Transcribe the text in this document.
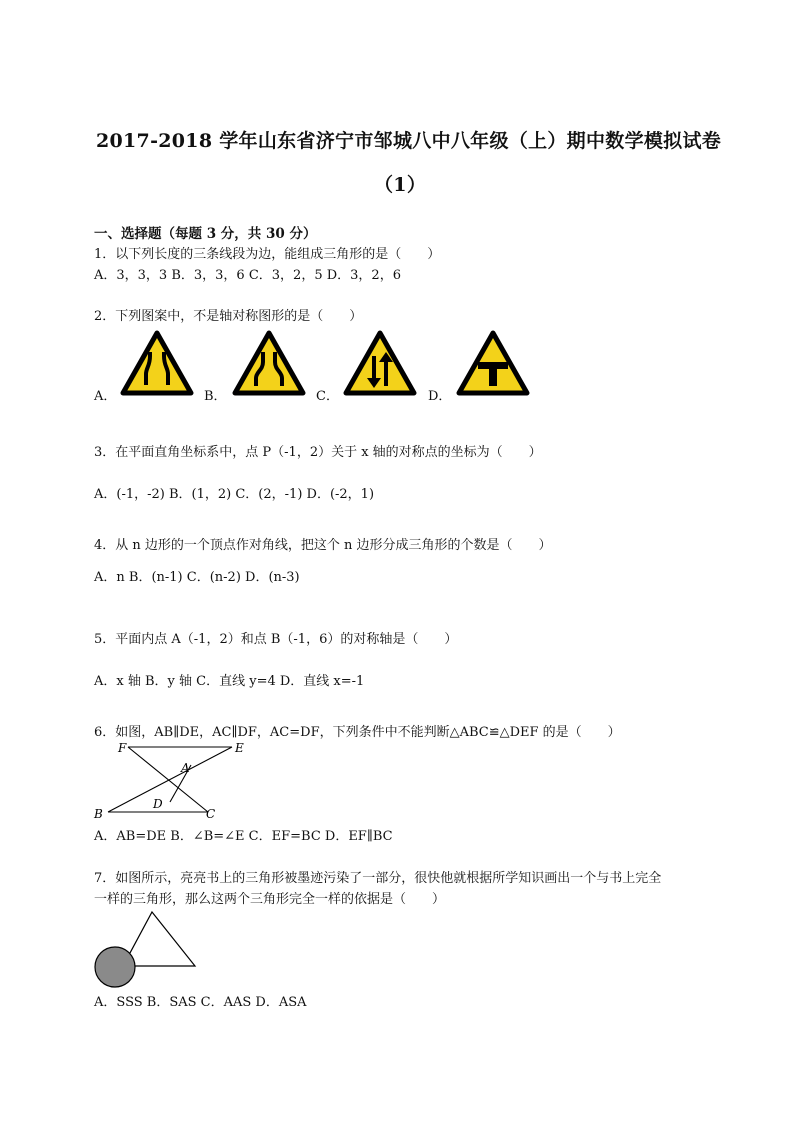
2017-2018 学年山东省济宁市邹城八中八年级（上）期中数学模拟试卷
（1）
一、选择题（每题 3 分，共 30 分）
1．以下列长度的三条线段为边，能组成三角形的是（　　）
A．3，3，3 B．3，3，6 C．3，2，5 D．3，2，6
2．下列图案中，不是轴对称图形的是（　　）
A．	B．	C．	D．
3．在平面直角坐标系中，点 P（-1，2）关于 x 轴的对称点的坐标为（　　）
A．(-1，-2) B．(1，2) C．(2，-1) D．(-2，1)
4．从 n 边形的一个顶点作对角线，把这个 n 边形分成三角形的个数是（　　）
A．n B．(n-1) C．(n-2) D．(n-3)
5．平面内点 A（-1，2）和点 B（-1，6）的对称轴是（　　）
A．x 轴 B．y 轴 C．直线 y=4 D．直线 x=-1
6．如图，AB∥DE，AC∥DF，AC=DF，下列条件中不能判断△ABC≌△DEF 的是（　　）
F	E
A
D
B	C
A．AB=DE B．∠B=∠E C．EF=BC D．EF∥BC
7．如图所示，亮亮书上的三角形被墨迹污染了一部分，很快他就根据所学知识画出一个与书上完全
一样的三角形，那么这两个三角形完全一样的依据是（　　）
A．SSS B．SAS C．AAS D．ASA
